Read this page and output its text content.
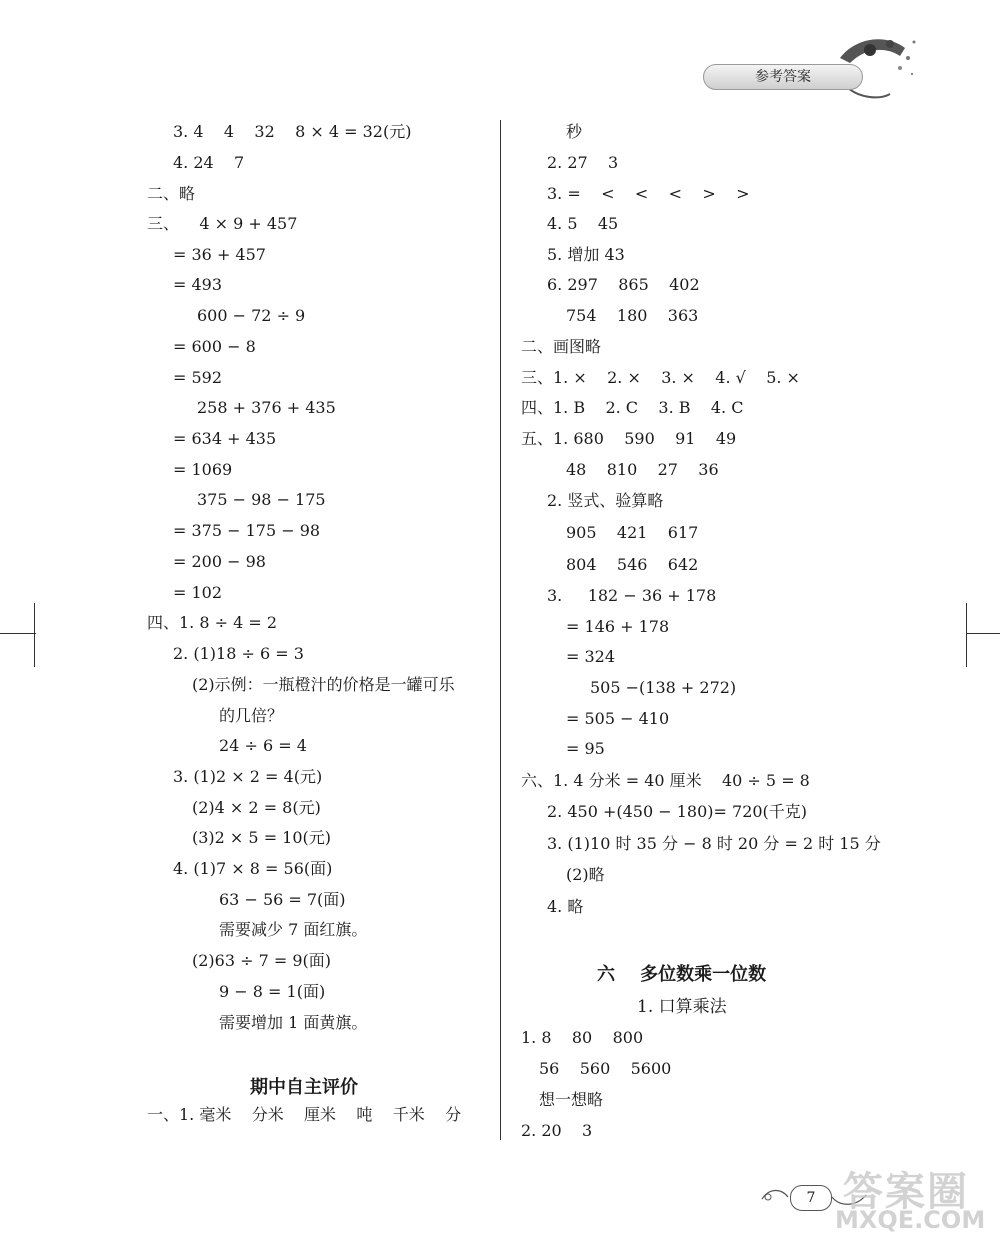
参考答案
3. 4    4    32    8 × 4 = 32(元)
4. 24    7
二、略
三、    4 × 9 + 457
= 36 + 457
= 493
600 − 72 ÷ 9
= 600 − 8
= 592
258 + 376 + 435
= 634 + 435
= 1069
375 − 98 − 175
= 375 − 175 − 98
= 200 − 98
= 102
四、1. 8 ÷ 4 = 2
2. (1)18 ÷ 6 = 3
(2)示例：一瓶橙汁的价格是一罐可乐
的几倍？
24 ÷ 6 = 4
3. (1)2 × 2 = 4(元)
(2)4 × 2 = 8(元)
(3)2 × 5 = 10(元)
4. (1)7 × 8 = 56(面)
63 − 56 = 7(面)
需要减少 7 面红旗。
(2)63 ÷ 7 = 9(面)
9 − 8 = 1(面)
需要增加 1 面黄旗。
期中自主评价
一、1. 毫米    分米    厘米    吨    千米    分
秒
2. 27    3
3. =    <    <    <    >    >
4. 5    45
5. 增加 43
6. 297    865    402
754    180    363
二、画图略
三、1. ×    2. ×    3. ×    4. √    5. ×
四、1. B    2. C    3. B    4. C
五、1. 680    590    91    49
48    810    27    36
2. 竖式、验算略
905    421    617
804    546    642
3.     182 − 36 + 178
= 146 + 178
= 324
505 −(138 + 272)
= 505 − 410
= 95
六、1. 4 分米 = 40 厘米    40 ÷ 5 = 8
2. 450 +(450 − 180)= 720(千克)
3. (1)10 时 35 分 − 8 时 20 分 = 2 时 15 分
(2)略
4. 略
六    多位数乘一位数
1. 口算乘法
1. 8    80    800
56    560    5600
想一想略
2. 20    3
7 答案圈
MXQE.COM
